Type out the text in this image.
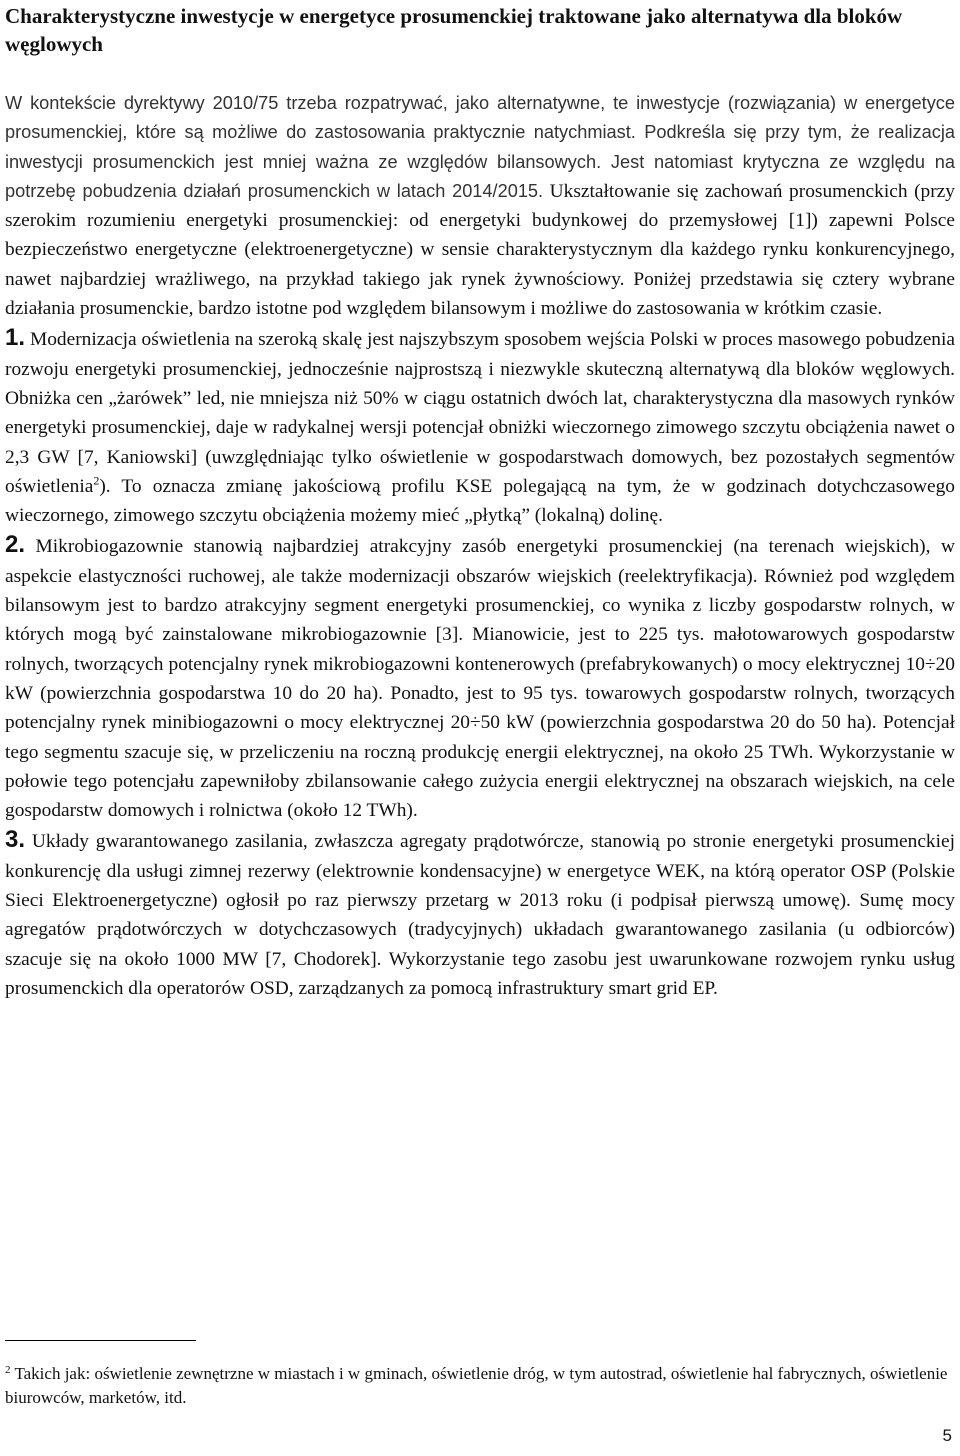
Charakterystyczne inwestycje w energetyce prosumenckiej traktowane jako alternatywa dla bloków węglowych

W kontekście dyrektywy 2010/75 trzeba rozpatrywać, jako alternatywne, te inwestycje (rozwiązania) w energetyce prosumenckiej, które są możliwe do zastosowania praktycznie natychmiast. Podkreśla się przy tym, że realizacja inwestycji prosumenckich jest mniej ważna ze względów bilansowych. Jest natomiast krytyczna ze względu na potrzebę pobudzenia działań prosumenckich w latach 2014/2015. Ukształtowanie się zachowań prosumenckich (przy szerokim rozumieniu energetyki prosumenckiej: od energetyki budynkowej do przemysłowej [1]) zapewni Polsce bezpieczeństwo energetyczne (elektroenergetyczne) w sensie charakterystycznym dla każdego rynku konkurencyjnego, nawet najbardziej wrażliwego, na przykład takiego jak rynek żywnościowy. Poniżej przedstawia się cztery wybrane działania prosumenckie, bardzo istotne pod względem bilansowym i możliwe do zastosowania w krótkim czasie.

1. Modernizacja oświetlenia na szeroką skalę jest najszybszym sposobem wejścia Polski w proces masowego pobudzenia rozwoju energetyki prosumenckiej, jednocześnie najprostszą i niezwykle skuteczną alternatywą dla bloków węglowych. Obniżka cen „żarówek” led, nie mniejsza niż 50% w ciągu ostatnich dwóch lat, charakterystyczna dla masowych rynków energetyki prosumenckiej, daje w radykalnej wersji potencjał obniżki wieczornego zimowego szczytu obciążenia nawet o 2,3 GW [7, Kaniowski] (uwzględniając tylko oświetlenie w gospodarstwach domowych, bez pozostałych segmentów oświetlenia$^2$). To oznacza zmianę jakościową profilu KSE polegającą na tym, że w godzinach dotychczasowego wieczornego, zimowego szczytu obciążenia możemy mieć „płytką” (lokalną) dolinę.

2. Mikrobiogazownie stanowią najbardziej atrakcyjny zasób energetyki prosumenckiej (na terenach wiejskich), w aspekcie elastyczności ruchowej, ale także modernizacji obszarów wiejskich (reelektryfikacja). Również pod względem bilansowym jest to bardzo atrakcyjny segment energetyki prosumenckiej, co wynika z liczby gospodarstw rolnych, w których mogą być zainstalowane mikrobiogazownie [3]. Mianowicie, jest to 225 tys. małotowarowych gospodarstw rolnych, tworzących potencjalny rynek mikrobiogazowni kontenerowych (prefabrykowanych) o mocy elektrycznej 10÷20 kW (powierzchnia gospodarstwa 10 do 20 ha). Ponadto, jest to 95 tys. towarowych gospodarstw rolnych, tworzących potencjalny rynek minibiogazowni o mocy elektrycznej 20÷50 kW (powierzchnia gospodarstwa 20 do 50 ha). Potencjał tego segmentu szacuje się, w przeliczeniu na roczną produkcję energii elektrycznej, na około 25 TWh. Wykorzystanie w połowie tego potencjału zapewniłoby zbilansowanie całego zużycia energii elektrycznej na obszarach wiejskich, na cele gospodarstw domowych i rolnictwa (około 12 TWh).

3. Układy gwarantowanego zasilania, zwłaszcza agregaty prądotwórcze, stanowią po stronie energetyki prosumenckiej konkurencję dla usługi zimnej rezerwy (elektrownie kondensacyjne) w energetyce WEK, na którą operator OSP (Polskie Sieci Elektroenergetyczne) ogłosił po raz pierwszy przetarg w 2013 roku (i podpisał pierwszą umowę). Sumę mocy agregatów prądotwórczych w dotychczasowych (tradycyjnych) układach gwarantowanego zasilania (u odbiorców) szacuje się na około 1000 MW [7, Chodorek]. Wykorzystanie tego zasobu jest uwarunkowane rozwojem rynku usług prosumenckich dla operatorów OSD, zarządzanych za pomocą infrastruktury smart grid EP.

$^2$ Takich jak: oświetlenie zewnętrzne w miastach i w gminach, oświetlenie dróg, w tym autostrad, oświetlenie hal fabrycznych, oświetlenie biurowców, marketów, itd.

5
